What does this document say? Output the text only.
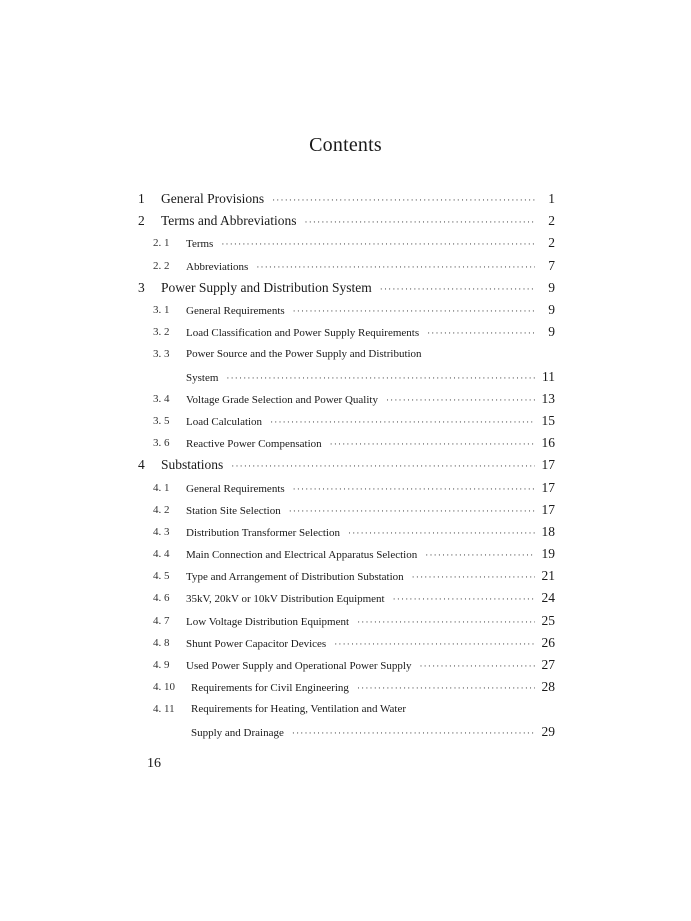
Contents
1 General Provisions ·····	1
2 Terms and Abbreviations ·····	2
2. 1 Terms ·····	2
2. 2 Abbreviations ·····	7
3 Power Supply and Distribution System ·····	9
3. 1 General Requirements ·····	9
3. 2 Load Classification and Power Supply Requirements ·····	9
3. 3 Power Source and the Power Supply and Distribution
System ·····	11
3. 4 Voltage Grade Selection and Power Quality ·····	13
3. 5 Load Calculation ·····	15
3. 6 Reactive Power Compensation ·····	16
4 Substations ·····	17
4. 1 General Requirements ·····	17
4. 2 Station Site Selection ·····	17
4. 3 Distribution Transformer Selection ·····	18
4. 4 Main Connection and Electrical Apparatus Selection ·····	19
4. 5 Type and Arrangement of Distribution Substation ·····	21
4. 6 35kV, 20kV or 10kV Distribution Equipment ·····	24
4. 7 Low Voltage Distribution Equipment ·····	25
4. 8 Shunt Power Capacitor Devices ·····	26
4. 9 Used Power Supply and Operational Power Supply ·····	27
4. 10 Requirements for Civil Engineering ·····	28
4. 11 Requirements for Heating, Ventilation and Water
Supply and Drainage ·····	29
16
